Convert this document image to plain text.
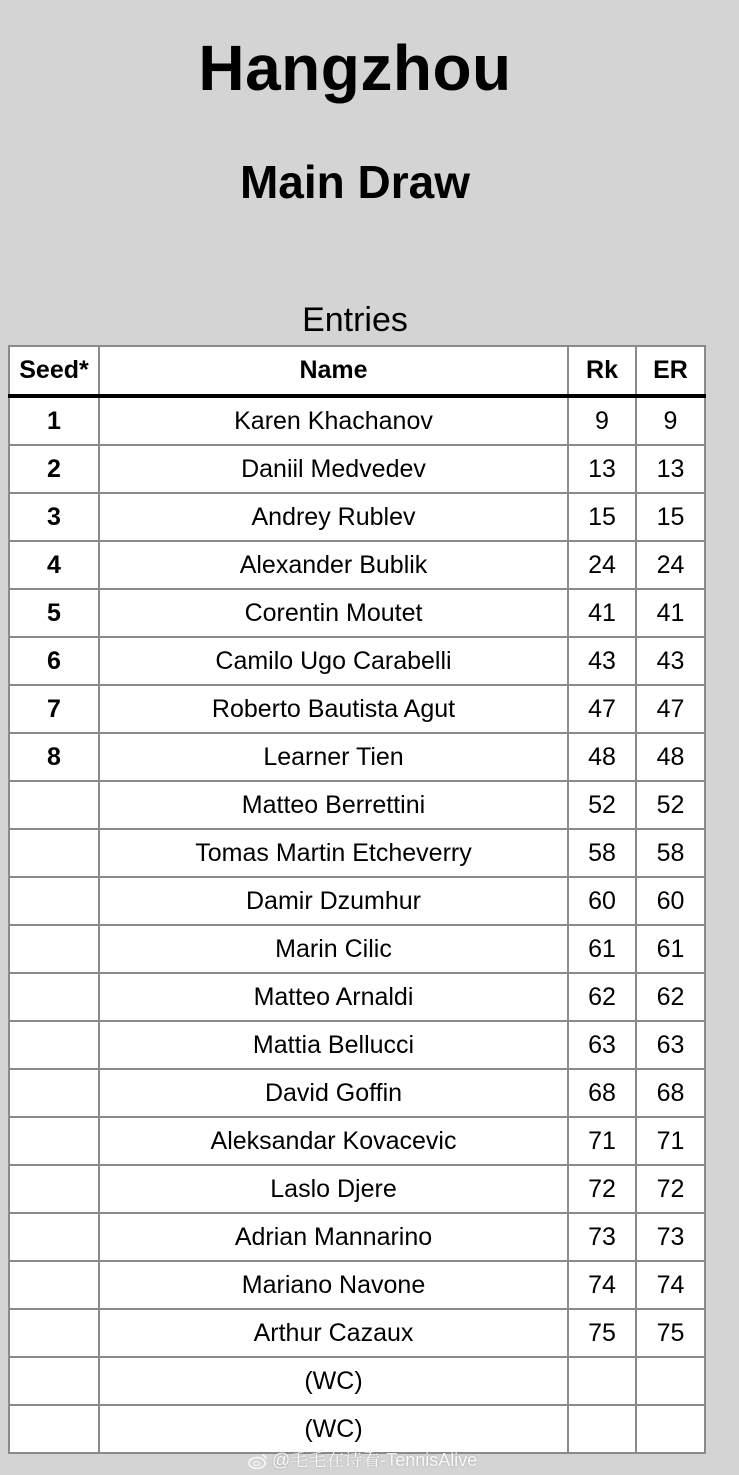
Hangzhou
Main Draw
Entries
Seed*	Name	Rk	ER
1	Karen Khachanov	9	9
2	Daniil Medvedev	13	13
3	Andrey Rublev	15	15
4	Alexander Bublik	24	24
5	Corentin Moutet	41	41
6	Camilo Ugo Carabelli	43	43
7	Roberto Bautista Agut	47	47
8	Learner Tien	48	48
	Matteo Berrettini	52	52
	Tomas Martin Etcheverry	58	58
	Damir Dzumhur	60	60
	Marin Cilic	61	61
	Matteo Arnaldi	62	62
	Mattia Bellucci	63	63
	David Goffin	68	68
	Aleksandar Kovacevic	71	71
	Laslo Djere	72	72
	Adrian Mannarino	73	73
	Mariano Navone	74	74
	Arthur Cazaux	75	75
	(WC)		
	(WC)		
@毛毛在诗看-TennisAlive
